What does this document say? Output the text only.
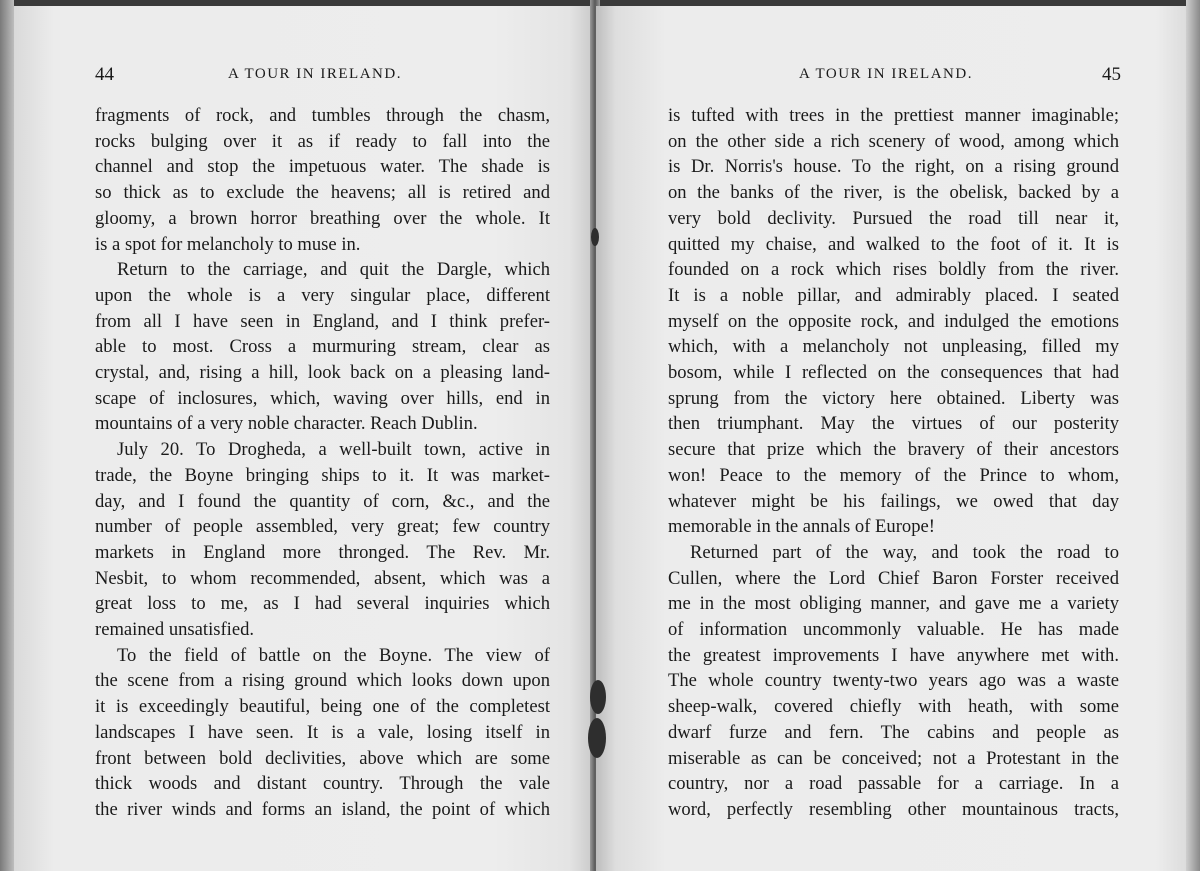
44	A TOUR IN IRELAND.
fragments of rock, and tumbles through the chasm,
rocks bulging over it as if ready to fall into the
channel and stop the impetuous water. The shade is
so thick as to exclude the heavens; all is retired and
gloomy, a brown horror breathing over the whole. It
is a spot for melancholy to muse in.
Return to the carriage, and quit the Dargle, which
upon the whole is a very singular place, different
from all I have seen in England, and I think prefer-
able to most. Cross a murmuring stream, clear as
crystal, and, rising a hill, look back on a pleasing land-
scape of inclosures, which, waving over hills, end in
mountains of a very noble character. Reach Dublin.
July 20. To Drogheda, a well-built town, active in
trade, the Boyne bringing ships to it. It was market-
day, and I found the quantity of corn, &c., and the
number of people assembled, very great; few country
markets in England more thronged. The Rev. Mr.
Nesbit, to whom recommended, absent, which was a
great loss to me, as I had several inquiries which
remained unsatisfied.
To the field of battle on the Boyne. The view of
the scene from a rising ground which looks down upon
it is exceedingly beautiful, being one of the completest
landscapes I have seen. It is a vale, losing itself in
front between bold declivities, above which are some
thick woods and distant country. Through the vale
the river winds and forms an island, the point of which
A TOUR IN IRELAND.	45
is tufted with trees in the prettiest manner imaginable;
on the other side a rich scenery of wood, among which
is Dr. Norris's house. To the right, on a rising ground
on the banks of the river, is the obelisk, backed by a
very bold declivity. Pursued the road till near it,
quitted my chaise, and walked to the foot of it. It is
founded on a rock which rises boldly from the river.
It is a noble pillar, and admirably placed. I seated
myself on the opposite rock, and indulged the emotions
which, with a melancholy not unpleasing, filled my
bosom, while I reflected on the consequences that had
sprung from the victory here obtained. Liberty was
then triumphant. May the virtues of our posterity
secure that prize which the bravery of their ancestors
won! Peace to the memory of the Prince to whom,
whatever might be his failings, we owed that day
memorable in the annals of Europe!
Returned part of the way, and took the road to
Cullen, where the Lord Chief Baron Forster received
me in the most obliging manner, and gave me a variety
of information uncommonly valuable. He has made
the greatest improvements I have anywhere met with.
The whole country twenty-two years ago was a waste
sheep-walk, covered chiefly with heath, with some
dwarf furze and fern. The cabins and people as
miserable as can be conceived; not a Protestant in the
country, nor a road passable for a carriage. In a
word, perfectly resembling other mountainous tracts,
